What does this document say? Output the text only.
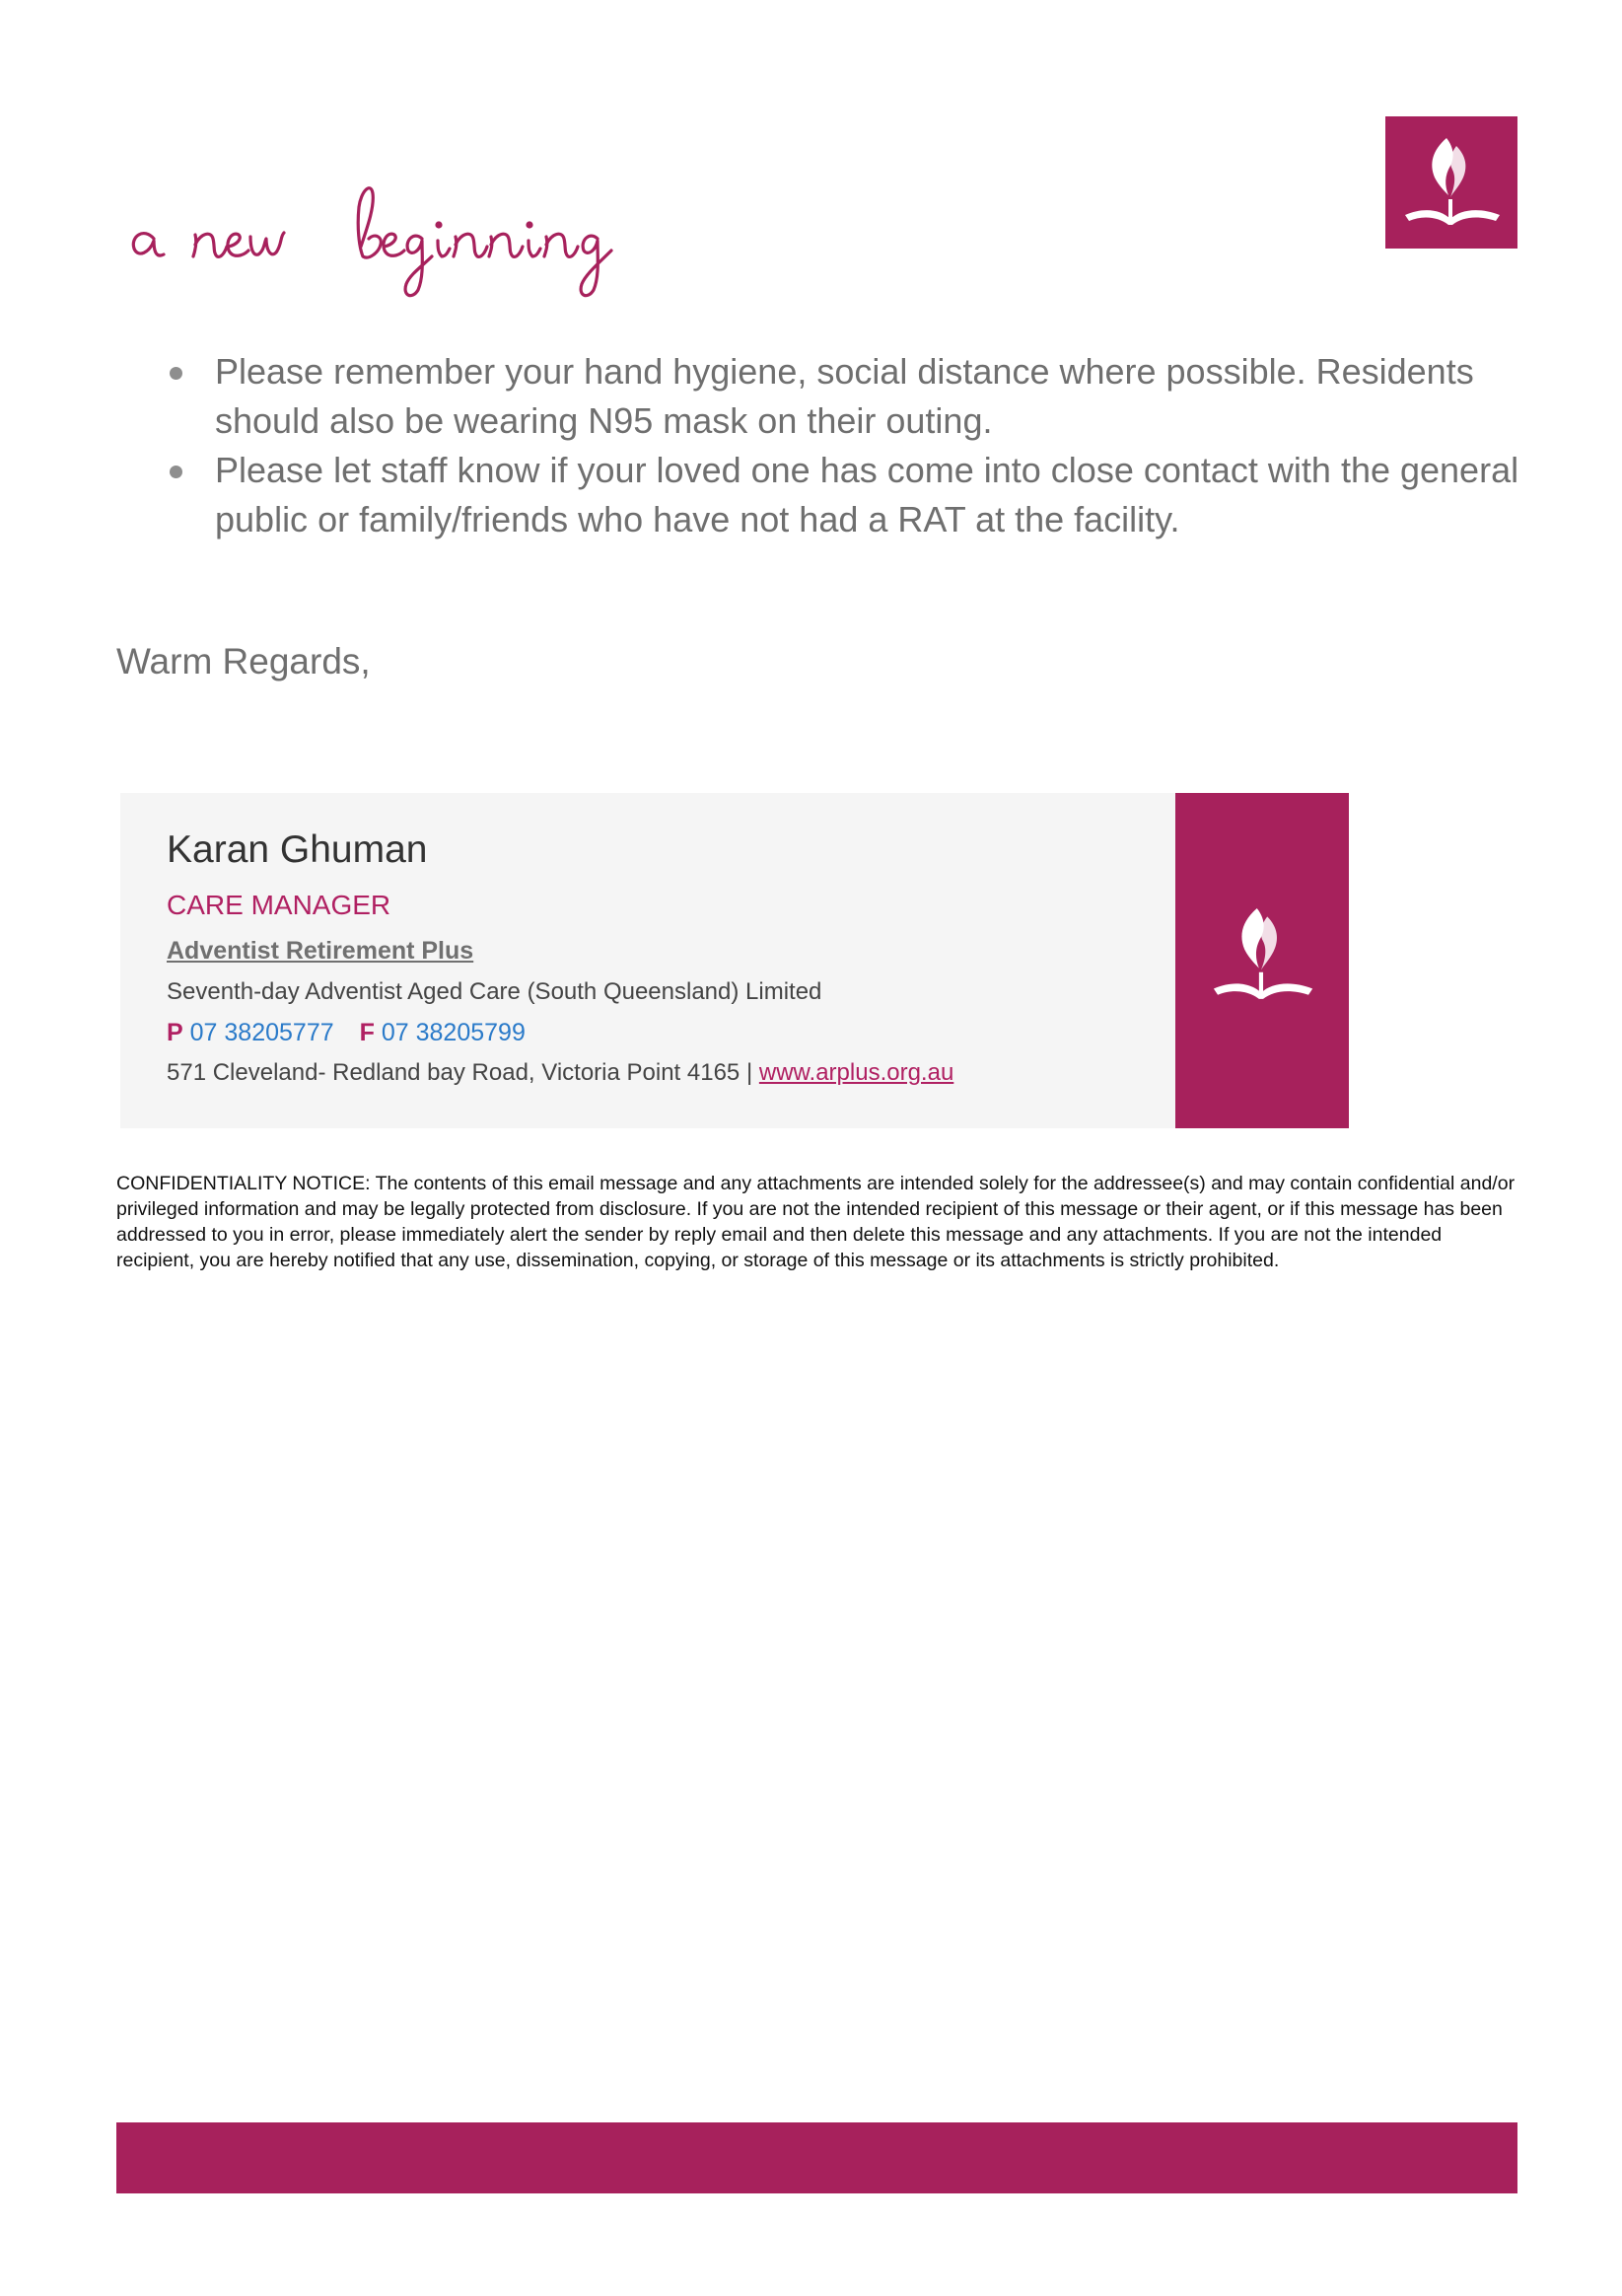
Please remember your hand hygiene, social distance where possible. Residents should also be wearing N95 mask on their outing.
Please let staff know if your loved one has come into close contact with the general public or family/friends who have not had a RAT at the facility.

Warm Regards,

Karan Ghuman
CARE MANAGER
Adventist Retirement Plus
Seventh-day Adventist Aged Care (South Queensland) Limited
P 07 38205777 F 07 38205799
571 Cleveland- Redland bay Road, Victoria Point 4165 | www.arplus.org.au

CONFIDENTIALITY NOTICE: The contents of this email message and any attachments are intended solely for the addressee(s) and may contain confidential and/or privileged information and may be legally protected from disclosure. If you are not the intended recipient of this message or their agent, or if this message has been addressed to you in error, please immediately alert the sender by reply email and then delete this message and any attachments. If you are not the intended recipient, you are hereby notified that any use, dissemination, copying, or storage of this message or its attachments is strictly prohibited.
